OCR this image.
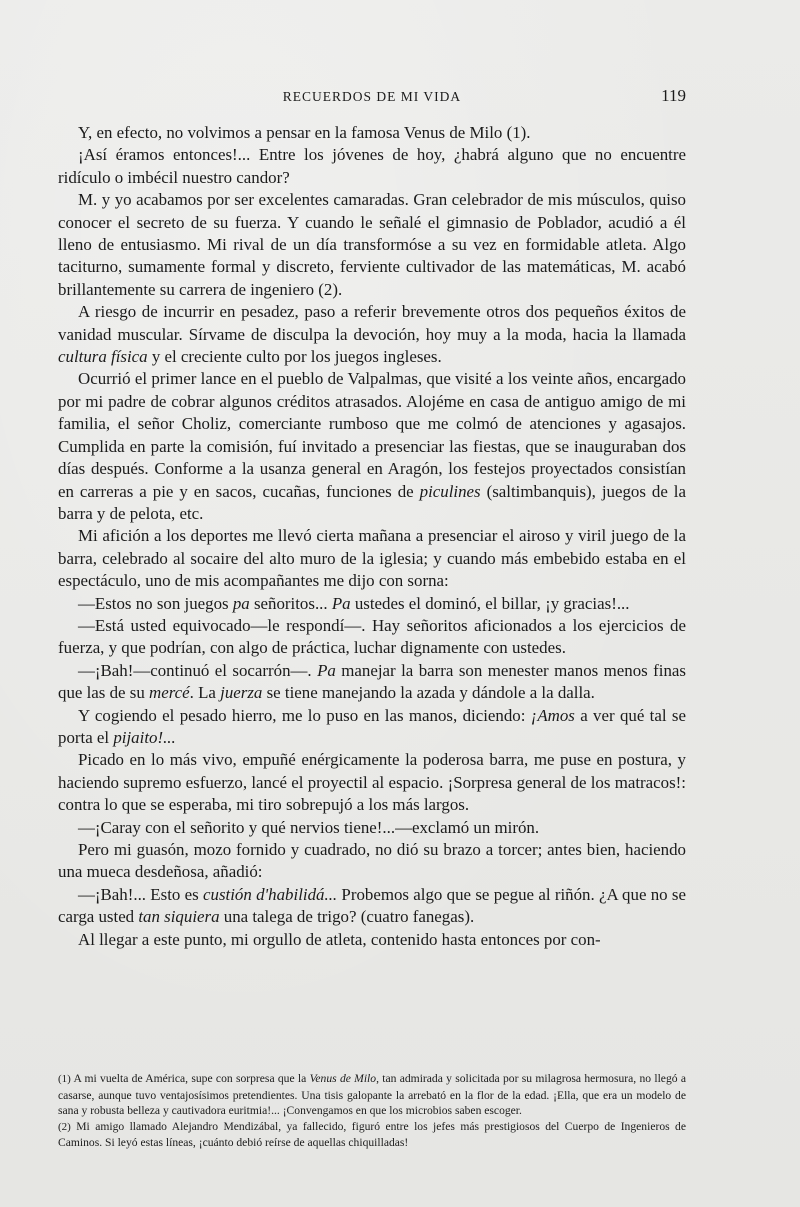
RECUERDOS DE MI VIDA	119

Y, en efecto, no volvimos a pensar en la famosa Venus de Milo (1).

¡Así éramos entonces!... Entre los jóvenes de hoy, ¿habrá alguno que no encuentre ridículo o imbécil nuestro candor?

M. y yo acabamos por ser excelentes camaradas. Gran celebrador de mis músculos, quiso conocer el secreto de su fuerza. Y cuando le señalé el gimnasio de Poblador, acudió a él lleno de entusiasmo. Mi rival de un día transformóse a su vez en formidable atleta. Algo taciturno, sumamente formal y discreto, ferviente cultivador de las matemáticas, M. acabó brillantemente su carrera de ingeniero (2).

A riesgo de incurrir en pesadez, paso a referir brevemente otros dos pequeños éxitos de vanidad muscular. Sírvame de disculpa la devoción, hoy muy a la moda, hacia la llamada cultura física y el creciente culto por los juegos ingleses.

Ocurrió el primer lance en el pueblo de Valpalmas, que visité a los veinte años, encargado por mi padre de cobrar algunos créditos atrasados. Alojéme en casa de antiguo amigo de mi familia, el señor Choliz, comerciante rumboso que me colmó de atenciones y agasajos. Cumplida en parte la comisión, fuí invitado a presenciar las fiestas, que se inauguraban dos días después. Conforme a la usanza general en Aragón, los festejos proyectados consistían en carreras a pie y en sacos, cucañas, funciones de piculines (saltimbanquis), juegos de la barra y de pelota, etc.

Mi afición a los deportes me llevó cierta mañana a presenciar el airoso y viril juego de la barra, celebrado al socaire del alto muro de la iglesia; y cuando más embebido estaba en el espectáculo, uno de mis acompañantes me dijo con sorna:

—Estos no son juegos pa señoritos... Pa ustedes el dominó, el billar, ¡y gracias!...

—Está usted equivocado—le respondí—. Hay señoritos aficionados a los ejercicios de fuerza, y que podrían, con algo de práctica, luchar dignamente con ustedes.

—¡Bah!—continuó el socarrón—. Pa manejar la barra son menester manos menos finas que las de su mercé. La juerza se tiene manejando la azada y dándole a la dalla.

Y cogiendo el pesado hierro, me lo puso en las manos, diciendo: ¡Amos a ver qué tal se porta el pijaito!...

Picado en lo más vivo, empuñé enérgicamente la poderosa barra, me puse en postura, y haciendo supremo esfuerzo, lancé el proyectil al espacio. ¡Sorpresa general de los matracos!: contra lo que se esperaba, mi tiro sobrepujó a los más largos.

—¡Caray con el señorito y qué nervios tiene!...—exclamó un mirón.

Pero mi guasón, mozo fornido y cuadrado, no dió su brazo a torcer; antes bien, haciendo una mueca desdeñosa, añadió:

—¡Bah!... Esto es custión d'habilidá... Probemos algo que se pegue al riñón. ¿A que no se carga usted tan siquiera una talega de trigo? (cuatro fanegas).

Al llegar a este punto, mi orgullo de atleta, contenido hasta entonces por con-

(1) A mi vuelta de América, supe con sorpresa que la Venus de Milo, tan admirada y solicitada por su milagrosa hermosura, no llegó a casarse, aunque tuvo ventajosísimos pretendientes. Una tisis galopante la arrebató en la flor de la edad. ¡Ella, que era un modelo de sana y robusta belleza y cautivadora euritmia!... ¡Convengamos en que los microbios saben escoger.

(2) Mi amigo llamado Alejandro Mendizábal, ya fallecido, figuró entre los jefes más prestigiosos del Cuerpo de Ingenieros de Caminos. Si leyó estas líneas, ¡cuánto debió reírse de aquellas chiquilladas!
